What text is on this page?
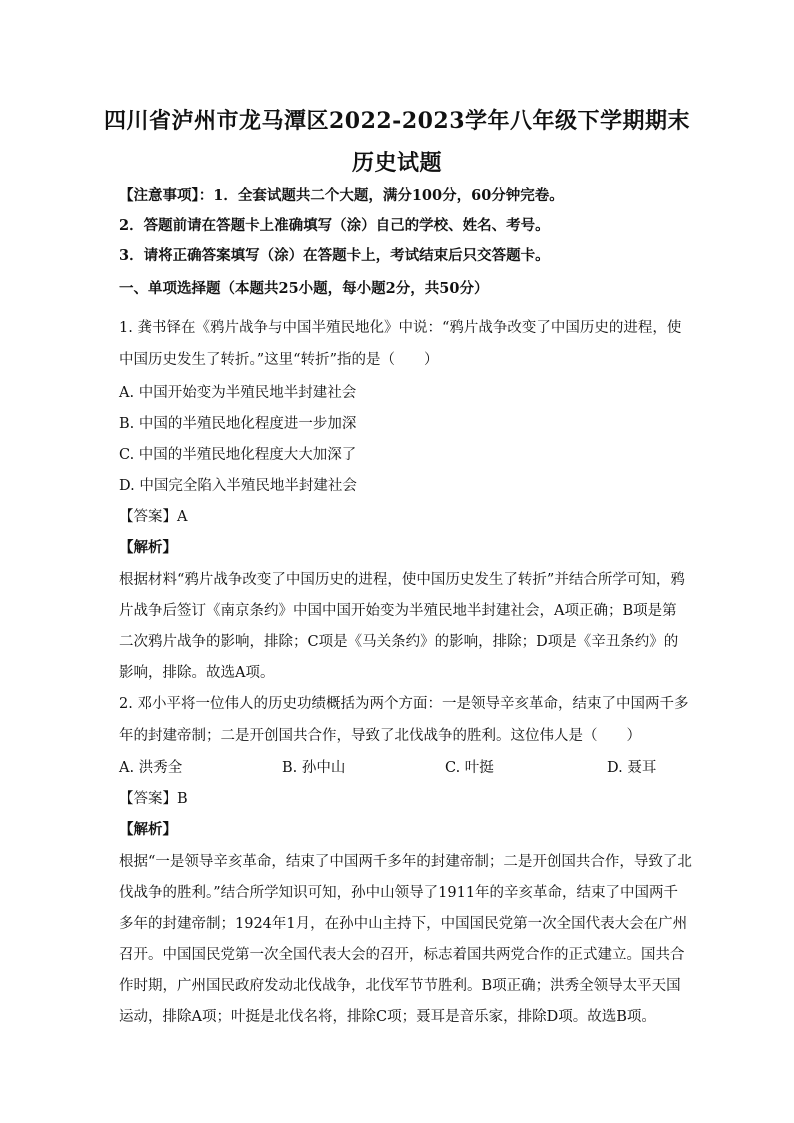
四川省泸州市龙马潭区2022-2023学年八年级下学期期末
历史试题
【注意事项】：1．全套试题共二个大题，满分100分，60分钟完卷。
2．答题前请在答题卡上准确填写（涂）自己的学校、姓名、考号。
3．请将正确答案填写（涂）在答题卡上，考试结束后只交答题卡。
一、单项选择题（本题共25小题，每小题2分，共50分）
1. 龚书铎在《鸦片战争与中国半殖民地化》中说：“鸦片战争改变了中国历史的进程，使
中国历史发生了转折。”这里“转折”指的是（　　）
A. 中国开始变为半殖民地半封建社会
B. 中国的半殖民地化程度进一步加深
C. 中国的半殖民地化程度大大加深了
D. 中国完全陷入半殖民地半封建社会
【答案】A
【解析】
根据材料“鸦片战争改变了中国历史的进程，使中国历史发生了转折”并结合所学可知，鸦
片战争后签订《南京条约》中国中国开始变为半殖民地半封建社会，A项正确；B项是第
二次鸦片战争的影响，排除；C项是《马关条约》的影响，排除；D项是《辛丑条约》的
影响，排除。故选A项。
2. 邓小平将一位伟人的历史功绩概括为两个方面：一是领导辛亥革命，结束了中国两千多
年的封建帝制；二是开创国共合作，导致了北伐战争的胜利。这位伟人是（　　）
A. 洪秀全	B. 孙中山	C. 叶挺	D. 聂耳
【答案】B
【解析】
根据“一是领导辛亥革命，结束了中国两千多年的封建帝制；二是开创国共合作，导致了北
伐战争的胜利。”结合所学知识可知，孙中山领导了1911年的辛亥革命，结束了中国两千
多年的封建帝制；1924年1月，在孙中山主持下，中国国民党第一次全国代表大会在广州
召开。中国国民党第一次全国代表大会的召开，标志着国共两党合作的正式建立。国共合
作时期，广州国民政府发动北伐战争，北伐军节节胜利。B项正确；洪秀全领导太平天国
运动，排除A项；叶挺是北伐名将，排除C项；聂耳是音乐家，排除D项。故选B项。
